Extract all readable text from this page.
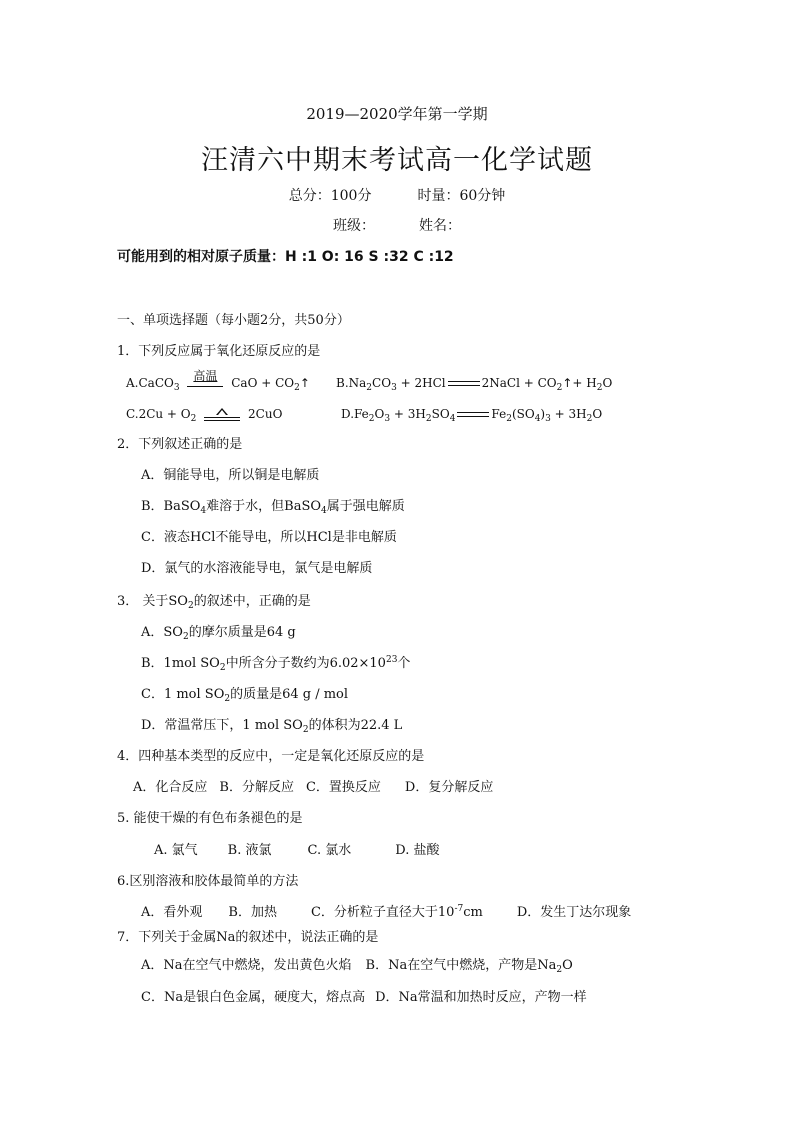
2019—2020学年第一学期
汪清六中期末考试高一化学试题
总分：100分	时量：60分钟
班级：	姓名：
可能用到的相对原子质量：H :1 O: 16 S :32 C :12
一、单项选择题（每小题2分，共50分）
1．下列反应属于氧化还原反应的是
A.CaCO$_3$
高温
CaO + $CO_2↑$ $B.Na_2CO_3 + 2HCl$	2NaCl + $CO_2↑+ H_2O$
$C.2Cu + O_2$	2CuO	$D.Fe_2O_3 + 3H_2SO_4$	$Fe_2(SO_4)_3 + 3H_2O$
2．下列叙述正确的是
A．铜能导电，所以铜是电解质
B．BaSO$_4$难溶于水，但BaSO$_4$属于强电解质
C．液态HCl不能导电，所以HCl是非电解质
D．氯气的水溶液能导电，氯气是电解质
3． 关于$SO_2$的叙述中，正确的是
A．$SO_2$的摩尔质量是64 g
B．1mol $SO_2$中所含分子数约为$6.02\times 10^{23}$个
C．1 mol $SO_2$的质量是64 g / mol
D．常温常压下，1 mol $SO_2$的体积为22.4 L
4．四种基本类型的反应中，一定是氧化还原反应的是
A．化合反应 B．分解反应 C．置换反应 D．复分解反应
5. 能使干燥的有色布条褪色的是
A. 氯气 B. 液氯	C. 氯水	D. 盐酸
6.区别溶液和胶体最简单的方法
A．看外观 B．加热	C．分析粒子直径大于$10^{-7}cm$	D．发生丁达尔现象
7．下列关于金属Na的叙述中，说法正确的是
A．Na在空气中燃烧，发出黄色火焰 B．Na在空气中燃烧，产物是$Na_2O$
C．Na是银白色金属，硬度大，熔点高 D．Na常温和加热时反应，产物一样
